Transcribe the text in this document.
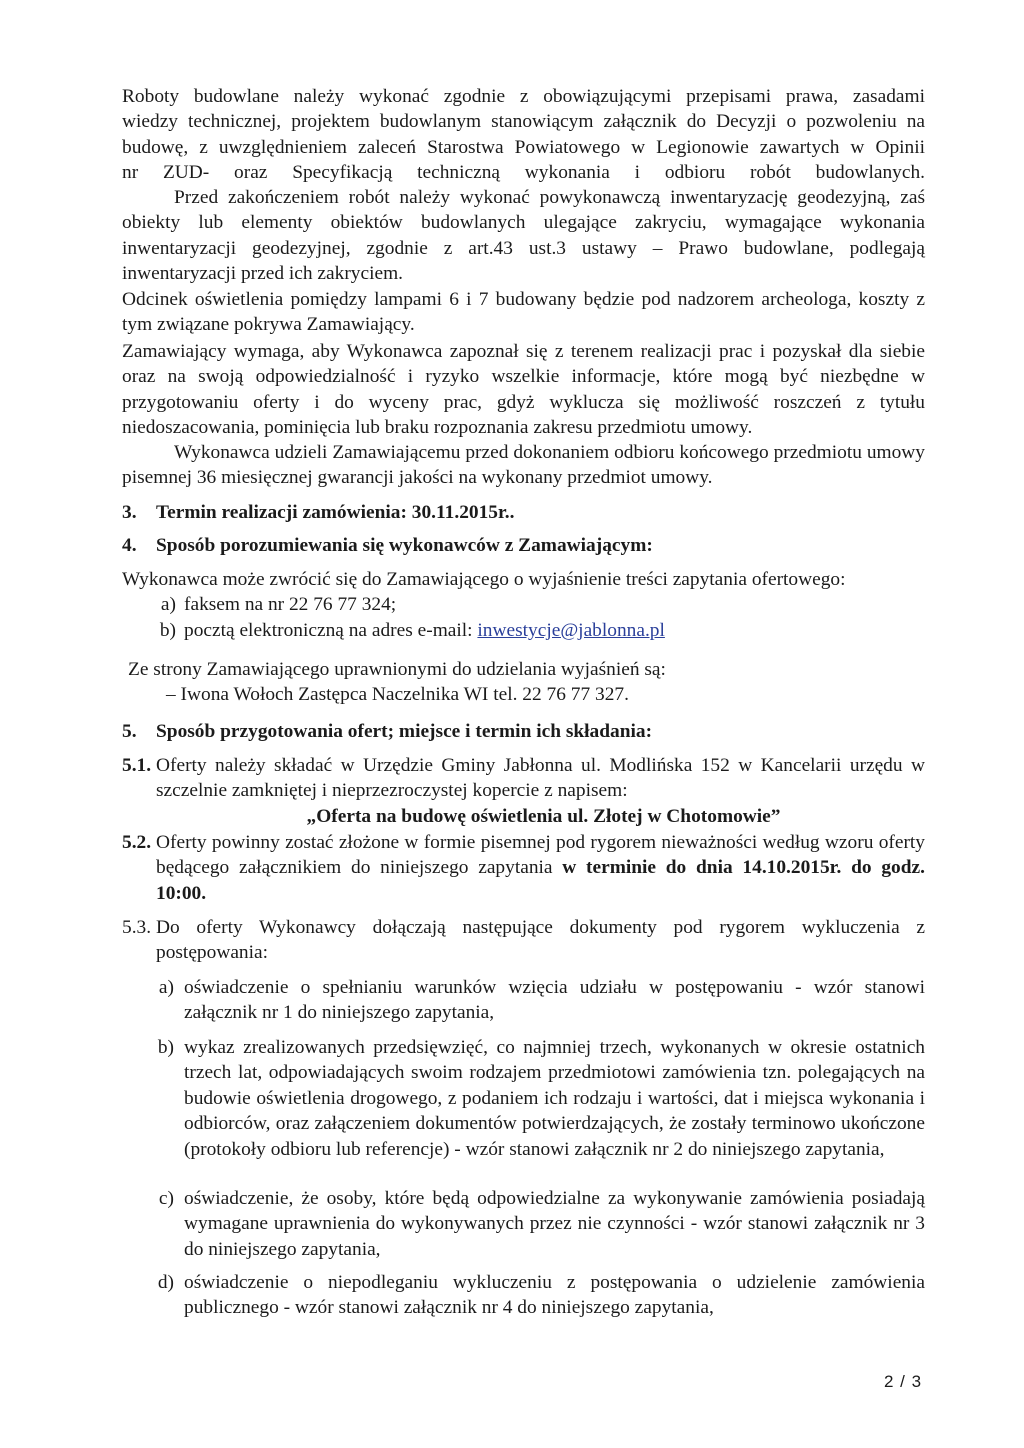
Roboty budowlane należy wykonać zgodnie z obowiązującymi przepisami prawa, zasadami
wiedzy technicznej, projektem budowlanym stanowiącym załącznik do Decyzji o pozwoleniu na
budowę, z uwzględnieniem zaleceń Starostwa Powiatowego w Legionowie zawartych w Opinii
nr ZUD- oraz Specyfikacją techniczną wykonania i odbioru robót budowlanych.
Przed zakończeniem robót należy wykonać powykonawczą inwentaryzację geodezyjną, zaś obiekty lub elementy obiektów budowlanych ulegające zakryciu, wymagające wykonania inwentaryzacji geodezyjnej, zgodnie z art.43 ust.3 ustawy – Prawo budowlane, podlegają inwentaryzacji przed ich zakryciem.
Odcinek oświetlenia pomiędzy lampami 6 i 7 budowany będzie pod nadzorem archeologa, koszty z tym związane pokrywa Zamawiający.
Zamawiający wymaga, aby Wykonawca zapoznał się z terenem realizacji prac i pozyskał dla siebie oraz na swoją odpowiedzialność i ryzyko wszelkie informacje, które mogą być niezbędne w przygotowaniu oferty i do wyceny prac, gdyż wyklucza się możliwość roszczeń z tytułu niedoszacowania, pominięcia lub braku rozpoznania zakresu przedmiotu umowy.
Wykonawca udzieli Zamawiającemu przed dokonaniem odbioru końcowego przedmiotu umowy pisemnej 36 miesięcznej gwarancji jakości na wykonany przedmiot umowy.
3. Termin realizacji zamówienia: 30.11.2015r..
4. Sposób porozumiewania się wykonawców z Zamawiającym:
Wykonawca może zwrócić się do Zamawiającego o wyjaśnienie treści zapytania ofertowego:
a) faksem na nr 22 76 77 324;
b) pocztą elektroniczną na adres e-mail: inwestycje@jablonna.pl
Ze strony Zamawiającego uprawnionymi do udzielania wyjaśnień są:
– Iwona Wołoch Zastępca Naczelnika WI tel. 22 76 77 327.
5. Sposób przygotowania ofert; miejsce i termin ich składania:
5.1. Oferty należy składać w Urzędzie Gminy Jabłonna ul. Modlińska 152 w Kancelarii urzędu w szczelnie zamkniętej i nieprzezroczystej kopercie z napisem:
„Oferta na budowę oświetlenia ul. Złotej w Chotomowie”
5.2. Oferty powinny zostać złożone w formie pisemnej pod rygorem nieważności według wzoru oferty będącego załącznikiem do niniejszego zapytania w terminie do dnia 14.10.2015r. do godz. 10:00.
5.3. Do oferty Wykonawcy dołączają następujące dokumenty pod rygorem wykluczenia z postępowania:
a) oświadczenie o spełnianiu warunków wzięcia udziału w postępowaniu - wzór stanowi załącznik nr 1 do niniejszego zapytania,
b) wykaz zrealizowanych przedsięwzięć, co najmniej trzech, wykonanych w okresie ostatnich trzech lat, odpowiadających swoim rodzajem przedmiotowi zamówienia tzn. polegających na budowie oświetlenia drogowego, z podaniem ich rodzaju i wartości, dat i miejsca wykonania i odbiorców, oraz załączeniem dokumentów potwierdzających, że zostały terminowo ukończone (protokoły odbioru lub referencje) - wzór stanowi załącznik nr 2 do niniejszego zapytania,
c) oświadczenie, że osoby, które będą odpowiedzialne za wykonywanie zamówienia posiadają wymagane uprawnienia do wykonywanych przez nie czynności - wzór stanowi załącznik nr 3 do niniejszego zapytania,
d) oświadczenie o niepodleganiu wykluczeniu z postępowania o udzielenie zamówienia publicznego - wzór stanowi załącznik nr 4 do niniejszego zapytania,
2 / 3
